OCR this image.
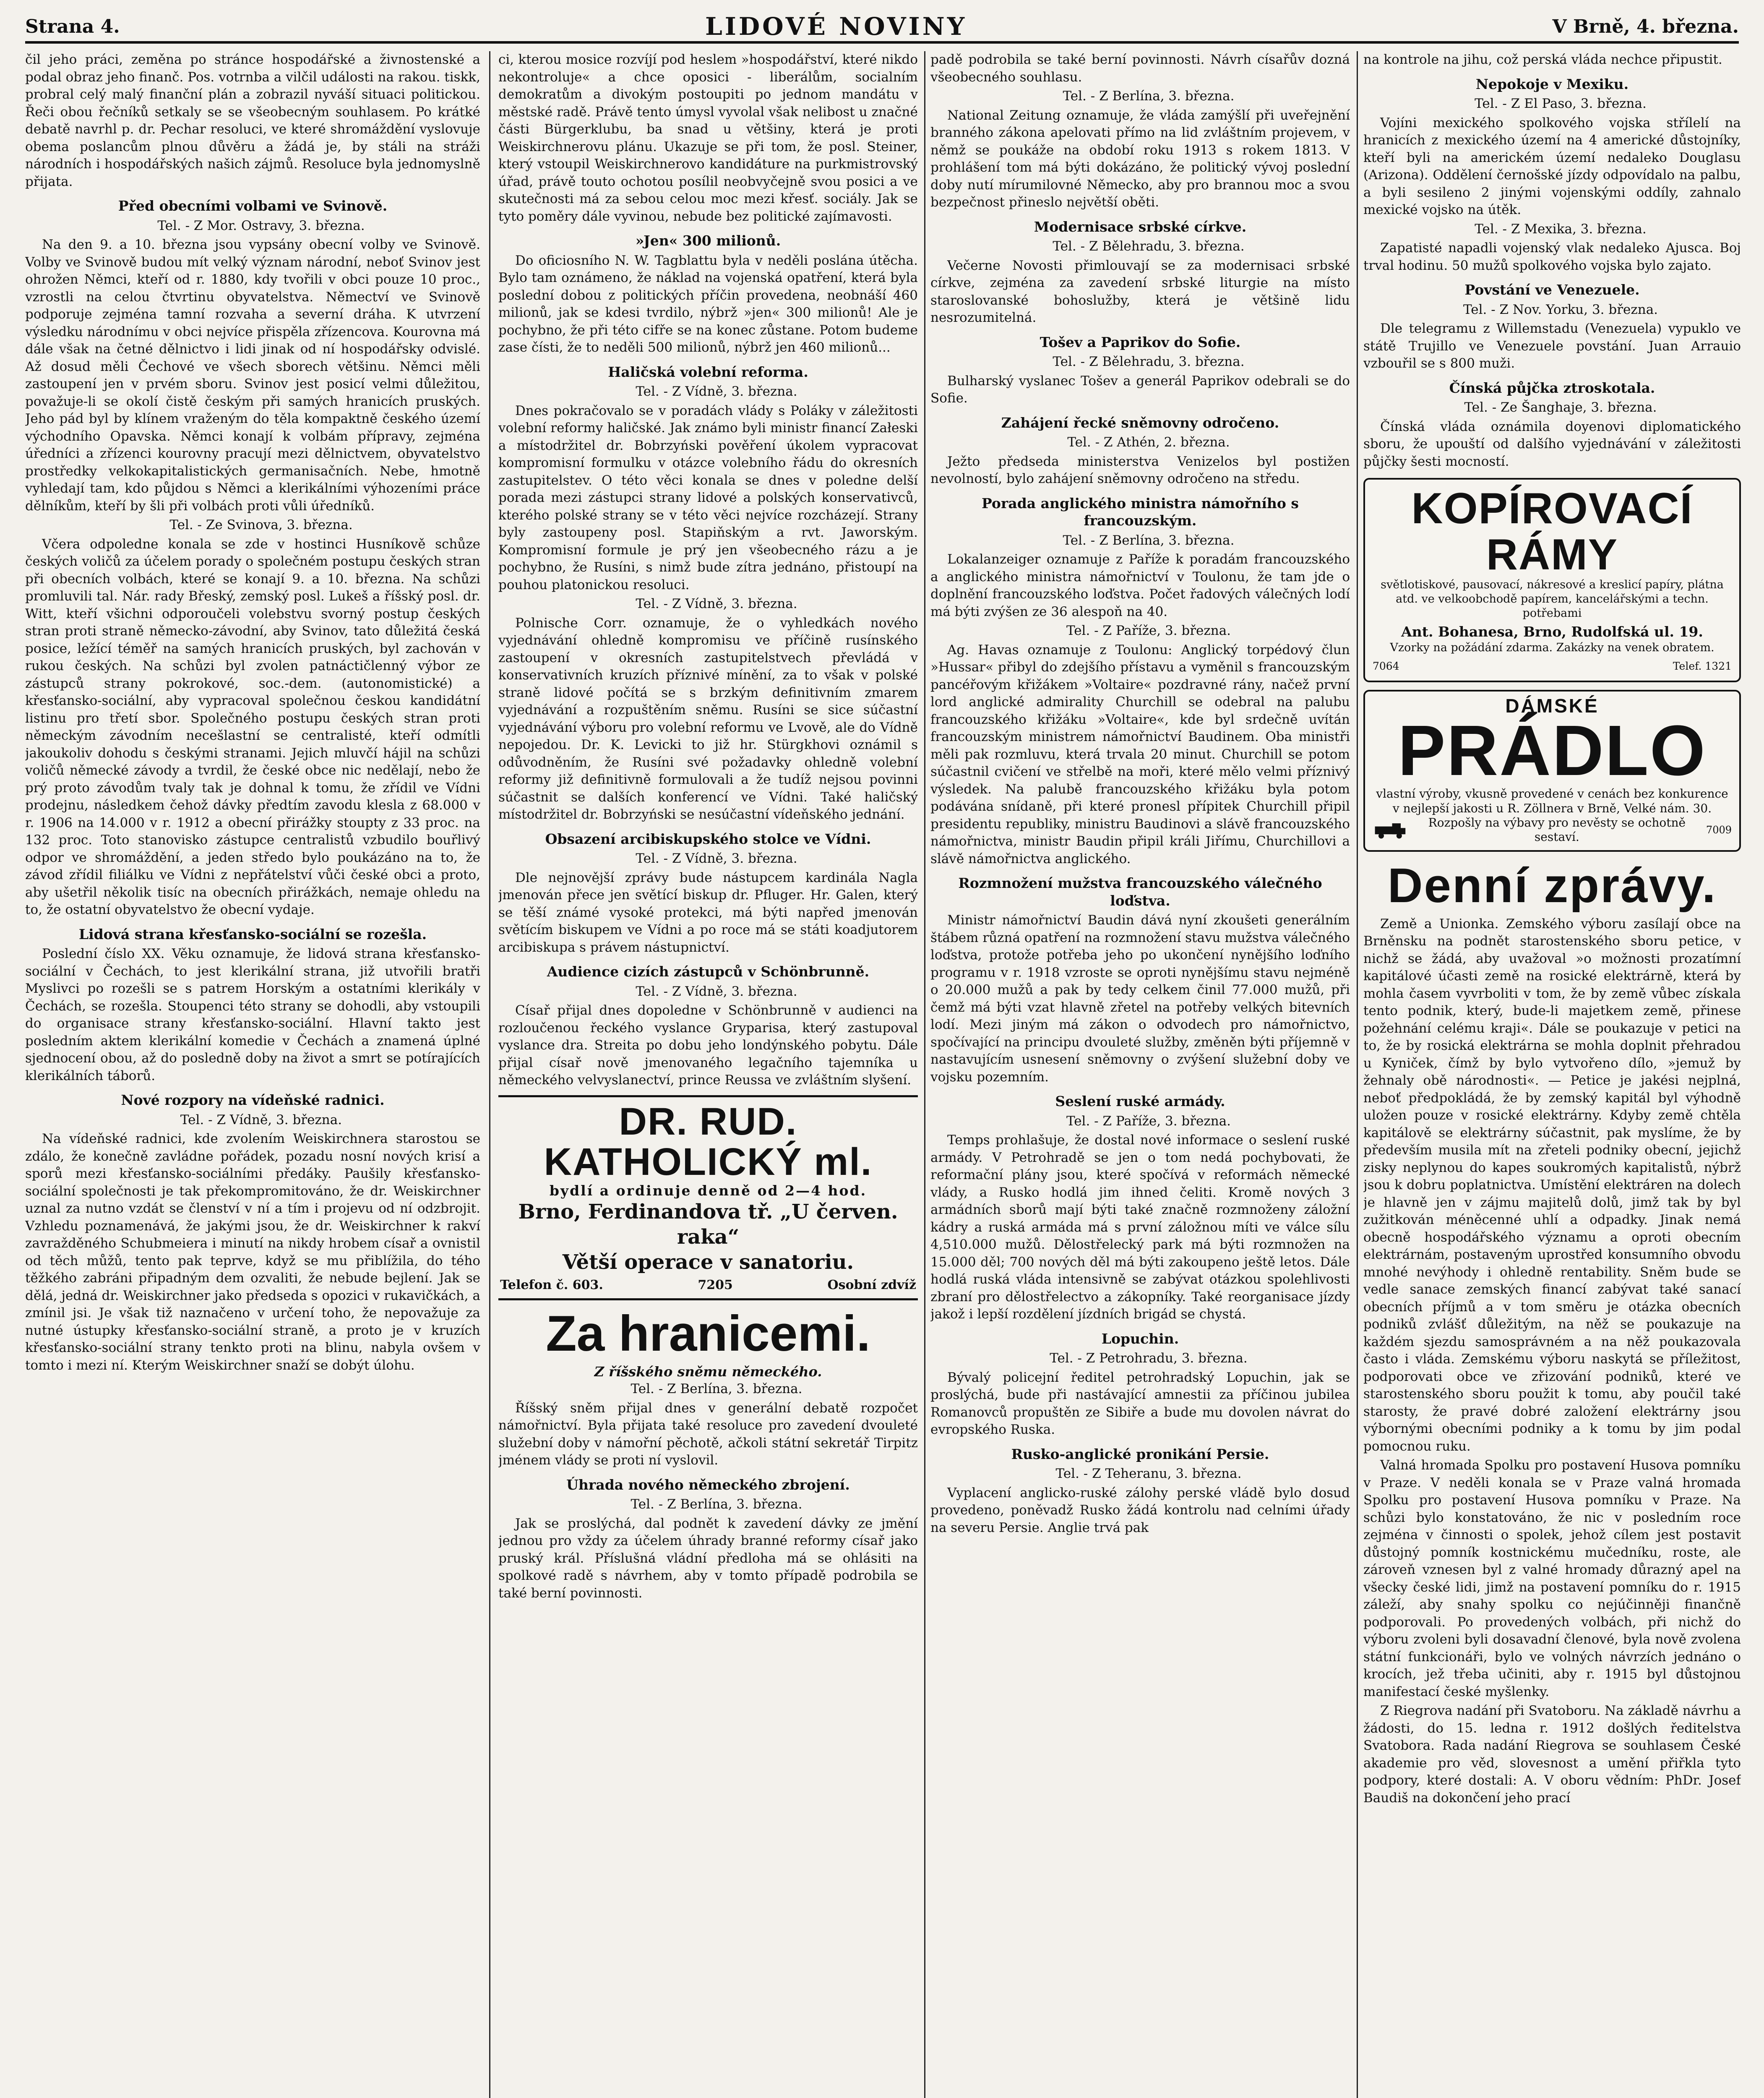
Strana 4.	LIDOVÉ NOVINY	V Brně, 4. března.

čil jeho práci, zeměna po stránce hospodářské a živnostenské a podal obraz jeho finanč. Pos. votrnba a vilčil události na rakou. tiskk, probral celý malý finanční plán a zobrazil nyváší situaci politickou. Řeči obou řečníků setkaly se se všeobecným souhlasem. Po krátké debatě navrhl p. dr. Pechar resoluci, ve které shromáždění vyslovuje obema poslancům plnou důvěru a žádá je, by stáli na stráži národních i hospodářských našich zájmů. Resoluce byla jednomyslně přijata.

Před obecními volbami ve Svinově.

Tel. - Z Mor. Ostravy, 3. března.

Na den 9. a 10. března jsou vypsány obecní volby ve Svinově. Volby ve Svinově budou mít velký význam národní, neboť Svinov jest ohrožen Němci, kteří od r. 1880, kdy tvořili v obci pouze 10 proc., vzrostli na celou čtvrtinu obyvatelstva. Němectví ve Svinově podporuje zejména tamní rozvaha a severní dráha. K utvrzení výsledku národnímu v obci nejvíce přispěla zřízencova. Kourovna má dále však na četné dělnictvo i lidi jinak od ní hospodářsky odvislé. Až dosud měli Čechové ve všech sborech většinu. Němci měli zastoupení jen v prvém sboru. Svinov jest posicí velmi důležitou, považuje-li se okolí čistě českým při samých hranicích pruských. Jeho pád byl by klínem vraženým do těla kompaktně českého území východního Opavska. Němci konají k volbám přípravy, zejména úředníci a zřízenci kourovny pracují mezi dělnictvem, obyvatelstvo prostředky velkokapitalistických germanisačních. Nebe, hmotně vyhledají tam, kdo půjdou s Němci a klerikálními výhozeními práce dělníkům, kteří by šli při volbách proti vůli úředníků.

Tel. - Ze Svinova, 3. března.

Včera odpoledne konala se zde v hostinci Husníkově schůze českých voličů za účelem porady o společném postupu českých stran při obecních volbách, které se konají 9. a 10. března. Na schůzi promluvili tal. Nár. rady Břeský, zemský posl. Lukeš a říšský posl. dr. Witt, kteří všichni odporoučeli volebstvu svorný postup českých stran proti straně německo-závodní, aby Svinov, tato důležitá česká posice, ležící téměř na samých hranicích pruských, byl zachován v rukou českých. Na schůzi byl zvolen patnáctičlenný výbor ze zástupců strany pokrokové, soc.-dem. (autonomistické) a křesťansko-sociální, aby vypracoval společnou českou kandidátní listinu pro třetí sbor. Společného postupu českých stran proti německým závodním necešlastní se centralisté, kteří odmítli jakoukoliv dohodu s českými stranami. Jejich mluvčí hájil na schůzi voličů německé závody a tvrdil, že české obce nic nedělají, nebo že prý proto závodům tvaly tak je dohnal k tomu, že zřídil ve Vídni prodejnu, následkem čehož dávky předtím zavodu klesla z 68.000 v r. 1906 na 14.000 v r. 1912 a obecní přirážky stoupty z 33 proc. na 132 proc. Toto stanovisko zástupce centralistů vzbudilo bouřlivý odpor ve shromáždění, a jeden středo bylo poukázáno na to, že závod zřídil filiálku ve Vídni z nepřátelství vůči české obci a proto, aby ušetřil několik tisíc na obecních přirážkách, nemaje ohledu na to, že ostatní obyvatelstvo že obecní vydaje.

Lidová strana křesťansko-sociální se rozešla.

Poslední číslo XX. Věku oznamuje, že lidová strana křesťansko-sociální v Čechách, to jest klerikální strana, již utvořili bratři Myslivci po rozešli se s patrem Horským a ostatními klerikály v Čechách, se rozešla. Stoupenci této strany se dohodli, aby vstoupili do organisace strany křesťansko-sociální. Hlavní takto jest posledním aktem klerikální komedie v Čechách a znamená úplné sjednocení obou, až do posledně doby na život a smrt se potírajících klerikálních táborů.

Nové rozpory na vídeňské radnici.

Tel. - Z Vídně, 3. března.

Na vídeňské radnici, kde zvolením Weiskirchnera starostou se zdálo, že konečně zavládne pořádek, pozadu nosní nových krisí a sporů mezi křesťansko-sociálními předáky. Paušily křesťansko-sociální společnosti je tak překompromitováno, že dr. Weiskirchner uznal za nutno vzdát se členství v ní a tím i projevu od ní odzbrojit. Vzhledu poznamenává, že jakými jsou, že dr. Weiskirchner k rakví zavražděného Schubmeiera i minutí na nikdy hrobem císař a ovnistil od těch můžů, tento pak teprve, když se mu přiblížila, do tého těžkého zabráni připadným dem ozvaliti, že nebude bejlení. Jak se dělá, jedná dr. Weiskirchner jako předseda s opozici v rukavičkách, a zmínil jsi. Je však tiž naznačeno v určení toho, že nepovažuje za nutné ústupky křesťansko-sociální straně, a proto je v kruzích křesťansko-sociální strany tenkto proti na blinu, nabyla ovšem v tomto i mezi ní. Kterým Weiskirchner snaží se dobýt úlohu.

ci, kterou mosice rozvíjí pod heslem »hospodářství, které nikdo nekontroluje« a chce oposici - liberálům, socialním demokratům a divokým postoupiti po jednom mandátu v městské radě. Právě tento úmysl vyvolal však nelibost u značné části Bürgerklubu, ba snad u většiny, která je proti Weiskirchnerovu plánu. Ukazuje se při tom, že posl. Steiner, který vstoupil Weiskirchnerovo kandidáture na purkmistrovský úřad, právě touto ochotou posílil neobvyčejně svou posici a ve skutečnosti má za sebou celou moc mezi křesť. sociály. Jak se tyto poměry dále vyvinou, nebude bez politické zajímavosti.

»Jen« 300 milionů.

Do oficiosního N. W. Tagblattu byla v neděli poslána útěcha. Bylo tam oznámeno, že náklad na vojenská opatření, která byla poslední dobou z politických příčin provedena, neobnáší 460 milionů, jak se kdesi tvrdilo, nýbrž »jen« 300 milionů! Ale je pochybno, že při této cifře se na konec zůstane. Potom budeme zase čísti, že to neděli 500 milionů, nýbrž jen 460 milionů...

Haličská volební reforma.

Tel. - Z Vídně, 3. března.

Dnes pokračovalo se v poradách vlády s Poláky v záležitosti volební reformy haličské. Jak známo byli ministr financí Załeski a místodržitel dr. Bobrzyński pověření úkolem vypracovat kompromisní formulku v otázce volebního řádu do okresních zastupitelstev. O této věci konala se dnes v poledne delší porada mezi zástupci strany lidové a polských konservativců, kterého polské strany se v této věci nejvíce rozcházejí. Strany byly zastoupeny posl. Stapiňským a rvt. Jaworským. Kompromisní formule je prý jen všeobecného rázu a je pochybno, že Rusíni, s nimž bude zítra jednáno, přistoupí na pouhou platonickou resoluci.

Tel. - Z Vídně, 3. března.

Polnische Corr. oznamuje, že o vyhledkách nového vyjednávání ohledně kompromisu ve příčině rusínského zastoupení v okresních zastupitelstvech převládá v konservativních kruzích příznivé mínění, za to však v polské straně lidové počítá se s brzkým definitivním zmarem vyjednávání a rozpuštěním sněmu. Rusíni se sice súčastní vyjednávání výboru pro volební reformu ve Lvově, ale do Vídně nepojedou. Dr. K. Levicki to již hr. Stürgkhovi oznámil s odůvodněním, že Rusíni své požadavky ohledně volební reformy již definitivně formulovali a že tudíž nejsou povinni súčastnit se dalších konferencí ve Vídni. Také haličský místodržitel dr. Bobrzyński se nesúčastní vídeňského jednání.

Obsazení arcibiskupského stolce ve Vídni.

Tel. - Z Vídně, 3. března.

Dle nejnovější zprávy bude nástupcem kardinála Nagla jmenován přece jen světící biskup dr. Pfluger. Hr. Galen, který se těší známé vysoké protekci, má býti napřed jmenován světícím biskupem ve Vídni a po roce má se státi koadjutorem arcibiskupa s právem nástupnictví.

Audience cizích zástupců v Schönbrunně.

Tel. - Z Vídně, 3. března.

Císař přijal dnes dopoledne v Schönbrunně v audienci na rozloučenou řeckého vyslance Gryparisa, který zastupoval vyslance dra. Streita po dobu jeho londýnského pobytu. Dále přijal císař nově jmenovaného legačního tajemníka u německého velvyslanectví, prince Reussa ve zvláštním slyšení.

DR. RUD. KATHOLICKÝ ml.
bydlí a ordinuje denně od 2—4 hod.
Brno, Ferdinandova tř. „U červen. raka“
Větší operace v sanatoriu.
Telefon č. 603.	7205	Osobní zdvíž
Za hranicemi.
Z říšského sněmu německého.

Tel. - Z Berlína, 3. března.

Říšský sněm přijal dnes v generální debatě rozpočet námořnictví. Byla přijata také resoluce pro zavedení dvouleté služební doby v námořní pěchotě, ačkoli státní sekretář Tirpitz jménem vlády se proti ní vyslovil.

Úhrada nového německého zbrojení.

Tel. - Z Berlína, 3. března.

Jak se proslýchá, dal podnět k zavedení dávky ze jmění jednou pro vždy za účelem úhrady branné reformy císař jako pruský král. Příslušná vládní předloha má se ohlásiti na spolkové radě s návrhem, aby v tomto případě podrobila se také berní povinnosti.

padě podrobila se také berní povinnosti. Návrh císařův dozná všeobecného souhlasu.

Tel. - Z Berlína, 3. března.

National Zeitung oznamuje, že vláda zamýšlí při uveřejnění branného zákona apelovati přímo na lid zvláštním projevem, v němž se poukáže na období roku 1913 s rokem 1813. V prohlášení tom má býti dokázáno, že politický vývoj poslední doby nutí mírumilovné Německo, aby pro brannou moc a svou bezpečnost přineslo největší oběti.

Modernisace srbské církve.

Tel. - Z Bělehradu, 3. března.

Večerne Novosti přimlouvají se za modernisaci srbské církve, zejména za zavedení srbské liturgie na místo staroslovanské bohoslužby, která je většině lidu nesrozumitelná.

Tošev a Paprikov do Sofie.

Tel. - Z Bělehradu, 3. března.

Bulharský vyslanec Tošev a generál Paprikov odebrali se do Sofie.

Zahájení řecké sněmovny odročeno.

Tel. - Z Athén, 2. března.

Ježto předseda ministerstva Venizelos byl postižen nevolností, bylo zahájení sněmovny odročeno na středu.

Porada anglického ministra námořního s francouzským.

Tel. - Z Berlína, 3. března.

Lokalanzeiger oznamuje z Paříže k poradám francouzského a anglického ministra námořnictví v Toulonu, že tam jde o doplnění francouzského loďstva. Počet řadových válečných lodí má býti zvýšen ze 36 alespoň na 40.

Tel. - Z Paříže, 3. března.

Ag. Havas oznamuje z Toulonu: Anglický torpédový člun »Hussar« přibyl do zdejšího přístavu a vyměnil s francouzským pancéřovým křižákem »Voltaire« pozdravné rány, načež první lord anglické admirality Churchill se odebral na palubu francouzského křižáku »Voltaire«, kde byl srdečně uvítán francouzským ministrem námořnictví Baudinem. Oba ministři měli pak rozmluvu, která trvala 20 minut. Churchill se potom súčastnil cvičení ve střelbě na moři, které mělo velmi příznivý výsledek. Na palubě francouzského křižáku byla potom podávána snídaně, při které pronesl přípitek Churchill připil presidentu republiky, ministru Baudinovi a slávě francouzského námořnictva, ministr Baudin připil králi Jiřímu, Churchillovi a slávě námořnictva anglického.

Rozmnožení mužstva francouzského válečného loďstva.

Ministr námořnictví Baudin dává nyní zkoušeti generálním štábem různá opatření na rozmnožení stavu mužstva válečného loďstva, protože potřeba jeho po ukončení nynějšího loďního programu v r. 1918 vzroste se oproti nynějšímu stavu nejméně o 20.000 mužů a pak by tedy celkem činil 77.000 mužů, při čemž má býti vzat hlavně zřetel na potřeby velkých bitevních lodí. Mezi jiným má zákon o odvodech pro námořnictvo, spočívající na principu dvouleté služby, změněn býti příjemně v nastavujícím usnesení sněmovny o zvýšení služební doby ve vojsku pozemním.

Seslení ruské armády.

Tel. - Z Paříže, 3. března.

Temps prohlašuje, že dostal nové informace o seslení ruské armády. V Petrohradě se jen o tom nedá pochybovati, že reformační plány jsou, které spočívá v reformách německé vlády, a Rusko hodlá jim ihned čeliti. Kromě nových 3 armádních sborů mají býti také značně rozmnoženy záložní kádry a ruská armáda má s první záložnou míti ve válce sílu 4,510.000 mužů. Dělostřelecký park má býti rozmnožen na 15.000 děl; 700 nových děl má býti zakoupeno ještě letos. Dále hodlá ruská vláda intensivně se zabývat otázkou spolehlivosti zbraní pro dělostřelectvo a zákopníky. Také reorganisace jízdy jakož i lepší rozdělení jízdních brigád se chystá.

Lopuchin.

Tel. - Z Petrohradu, 3. března.

Bývalý policejní ředitel petrohradský Lopuchin, jak se proslýchá, bude při nastávající amnestii za příčinou jubilea Romanovců propuštěn ze Sibiře a bude mu dovolen návrat do evropského Ruska.

Rusko-anglické pronikání Persie.

Tel. - Z Teheranu, 3. března.

Vyplacení anglicko-ruské zálohy perské vládě bylo dosud provedeno, poněvadž Rusko žádá kontrolu nad celními úřady na severu Persie. Anglie trvá pak

na kontrole na jihu, což perská vláda nechce připustit.

Nepokoje v Mexiku.

Tel. - Z El Paso, 3. března.

Vojíni mexického spolkového vojska střílelí na hranicích z mexického území na 4 americké důstojníky, kteří byli na americkém území nedaleko Douglasu (Arizona). Oddělení černošské jízdy odpovídalo na palbu, a byli sesileno 2 jinými vojenskými oddíly, zahnalo mexické vojsko na útěk.

Tel. - Z Mexika, 3. března.

Zapatisté napadli vojenský vlak nedaleko Ajusca. Boj trval hodinu. 50 mužů spolkového vojska bylo zajato.

Povstání ve Venezuele.

Tel. - Z Nov. Yorku, 3. března.

Dle telegramu z Willemstadu (Venezuela) vypuklo ve státě Trujillo ve Venezuele povstání. Juan Arrauio vzbouřil se s 800 muži.

Čínská půjčka ztroskotala.

Tel. - Ze Šanghaje, 3. března.

Čínská vláda oznámila doyenovi diplomatického sboru, že upouští od dalšího vyjednávání v záležitosti půjčky šesti mocností.

KOPÍROVACÍ RÁMY
světlotiskové, pausovací, nákresové a kreslicí papíry, plátna atd. ve velkoobchodě papírem, kancelářskými a techn. potřebami
Ant. Bohanesa, Brno, Rudolfská ul. 19.
Vzorky na požádání zdarma. Zakázky na venek obratem.
7064	Telef. 1321
DÁMSKÉ
PRÁDLO
vlastní výroby, vkusně provedené v cenách bez konkurence v nejlepší jakosti u R. Zöllnera v Brně, Velké nám. 30.
Rozpošly na výbavy pro nevěsty se ochotně sestaví.	7009
Denní zprávy.

Země a Unionka. Zemského výboru zasílají obce na Brněnsku na podnět starostenského sboru petice, v nichž se žádá, aby uvažoval »o možnosti prozatímní kapitálové účasti země na rosické elektrárně, která by mohla časem vyvrboliti v tom, že by země vůbec získala tento podnik, který, bude-li majetkem země, přinese požehnání celému kraji«. Dále se poukazuje v petici na to, že by rosická elektrárna se mohla doplnit přehradou u Kyniček, čímž by bylo vytvořeno dílo, »jemuž by žehnaly obě národnosti«. — Petice je jakési nejplná, neboť předpokládá, že by zemský kapitál byl výhodně uložen pouze v rosické elektrárny. Kdyby země chtěla kapitálově se elektrárny súčastnit, pak myslíme, že by především musila mít na zřeteli podniky obecní, jejichž zisky neplynou do kapes soukromých kapitalistů, nýbrž jsou k dobru poplatnictva. Umístění elektráren na dolech je hlavně jen v zájmu majitelů dolů, jimž tak by byl zužitkován méněcenné uhlí a odpadky. Jinak nemá obecně hospodářského významu a oproti obecním elektrárnám, postaveným uprostřed konsumního obvodu mnohé nevýhody i ohledně rentability. Sněm bude se vedle sanace zemských financí zabývat také sanací obecních příjmů a v tom směru je otázka obecních podniků zvlášť důležitým, na něž se poukazuje na každém sjezdu samosprávném a na něž poukazovala často i vláda. Zemskému výboru naskytá se příležitost, podporovati obce ve zřizování podniků, které ve starostenského sboru použit k tomu, aby poučil také starosty, že pravé dobré založení elektrárny jsou výbornými obecními podniky a k tomu by jim podal pomocnou ruku.

Valná hromada Spolku pro postavení Husova pomníku v Praze. V neděli konala se v Praze valná hromada Spolku pro postavení Husova pomníku v Praze. Na schůzi bylo konstatováno, že nic v posledním roce zejména v činnosti o spolek, jehož cílem jest postavit důstojný pomník kostnickému mučedníku, roste, ale zároveň vznesen byl z valné hromady důrazný apel na všecky české lidi, jimž na postavení pomníku do r. 1915 záleží, aby snahy spolku co nejúčinněji finančně podporovali. Po provedených volbách, při nichž do výboru zvoleni byli dosavadní členové, byla nově zvolena státní funkcionáři, bylo ve volných návrzích jednáno o krocích, jež třeba učiniti, aby r. 1915 byl důstojnou manifestací české myšlenky.

Z Riegrova nadání při Svatoboru. Na základě návrhu a žádosti, do 15. ledna r. 1912 došlých ředitelstva Svatobora. Rada nadání Riegrova se souhlasem České akademie pro věd, slovesnost a umění přiřkla tyto podpory, které dostali: A. V oboru vědním: PhDr. Josef Baudiš na dokončení jeho prací
